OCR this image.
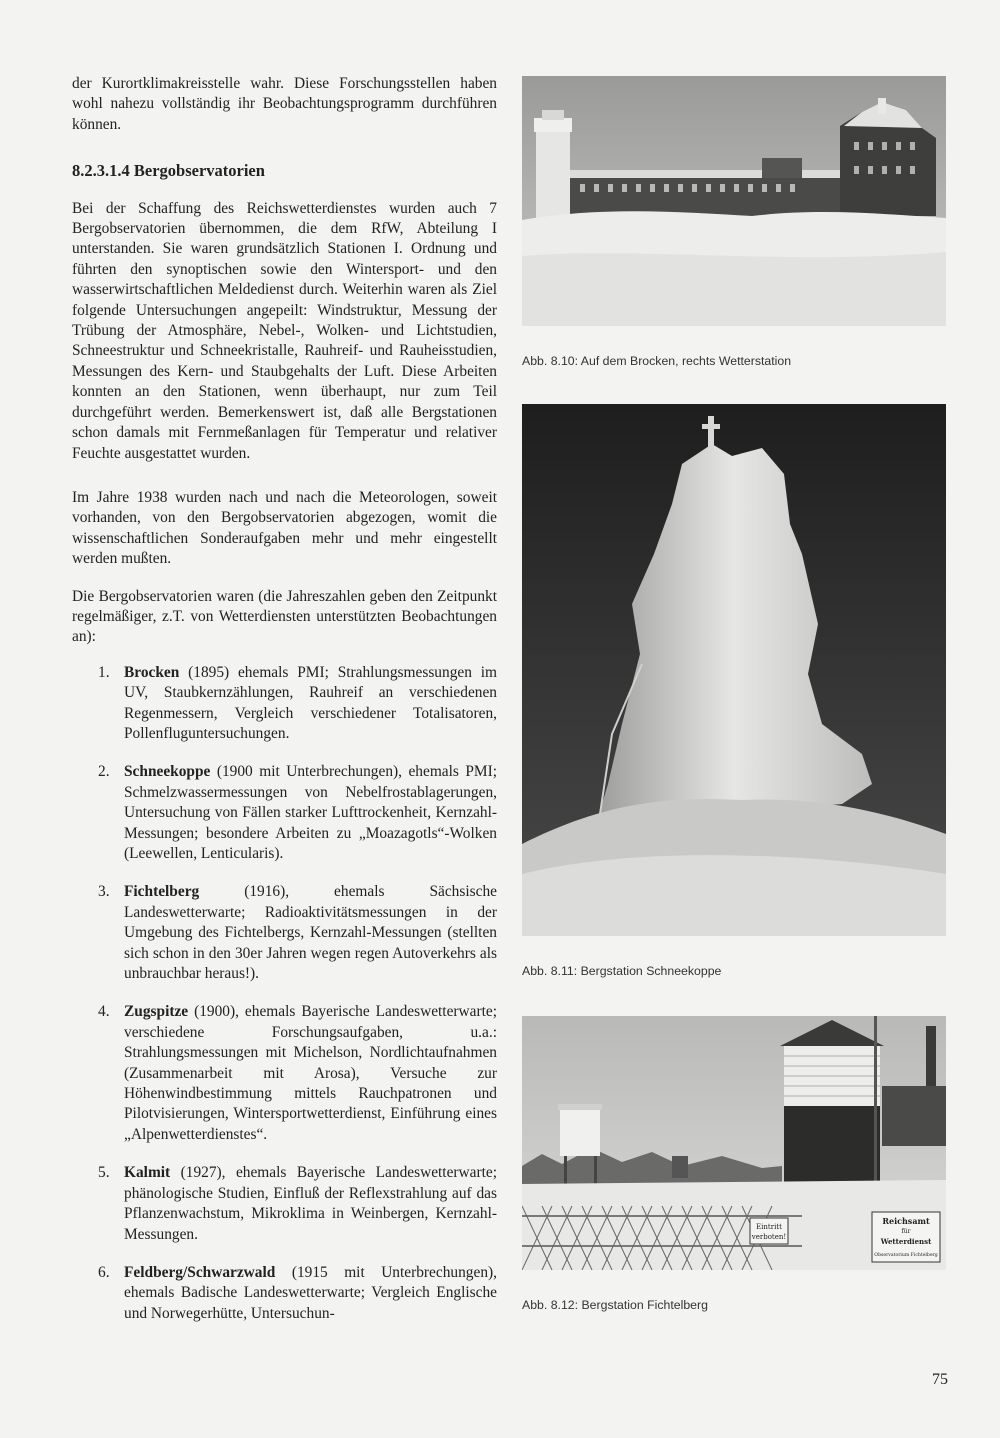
der Kurortklimakreisstelle wahr. Diese Forschungsstellen haben wohl nahezu vollständig ihr Beobachtungsprogramm durchführen können.

8.2.3.1.4 Bergobservatorien

Bei der Schaffung des Reichswetterdienstes wurden auch 7 Bergobservatorien übernommen, die dem RfW, Abteilung I unterstanden. Sie waren grundsätzlich Stationen I. Ordnung und führten den synoptischen sowie den Wintersport- und den wasserwirtschaftlichen Meldedienst durch. Weiterhin waren als Ziel folgende Untersuchungen angepeilt: Windstruktur, Messung der Trübung der Atmosphäre, Nebel-, Wolken- und Lichtstudien, Schneestruktur und Schneekristalle, Rauhreif- und Rauheisstudien, Messungen des Kern- und Staubgehalts der Luft. Diese Arbeiten konnten an den Stationen, wenn überhaupt, nur zum Teil durchgeführt werden. Bemerkenswert ist, daß alle Bergstationen schon damals mit Fernmeßanlagen für Temperatur und relativer Feuchte ausgestattet wurden.

Im Jahre 1938 wurden nach und nach die Meteorologen, soweit vorhanden, von den Bergobservatorien abgezogen, womit die wissenschaftlichen Sonderaufgaben mehr und mehr eingestellt werden mußten.

Die Bergobservatorien waren (die Jahreszahlen geben den Zeitpunkt regelmäßiger, z.T. von Wetterdiensten unterstützten Beobachtungen an):

1. Brocken (1895) ehemals PMI; Strahlungsmessungen im UV, Staubkernzählungen, Rauhreif an verschiedenen Regenmessern, Vergleich verschiedener Totalisatoren, Pollenfluguntersuchungen.
2. Schneekoppe (1900 mit Unterbrechungen), ehemals PMI; Schmelzwassermessungen von Nebelfrostablagerungen, Untersuchung von Fällen starker Lufttrockenheit, Kernzahl-Messungen; besondere Arbeiten zu „Moazagotls“-Wolken (Leewellen, Lenticularis).
3. Fichtelberg (1916), ehemals Sächsische Landeswetterwarte; Radioaktivitätsmessungen in der Umgebung des Fichtelbergs, Kernzahl-Messungen (stellten sich schon in den 30er Jahren wegen regen Autoverkehrs als unbrauchbar heraus!).
4. Zugspitze (1900), ehemals Bayerische Landeswetterwarte; verschiedene Forschungsaufgaben, u.a.: Strahlungsmessungen mit Michelson, Nordlichtaufnahmen (Zusammenarbeit mit Arosa), Versuche zur Höhenwindbestimmung mittels Rauchpatronen und Pilotvisierungen, Wintersportwetterdienst, Einführung eines „Alpenwetterdienstes“.
5. Kalmit (1927), ehemals Bayerische Landeswetterwarte; phänologische Studien, Einfluß der Reflexstrahlung auf das Pflanzenwachstum, Mikroklima in Weinbergen, Kernzahl-Messungen.
6. Feldberg/Schwarzwald (1915 mit Unterbrechungen), ehemals Badische Landeswetterwarte; Vergleich Englische und Norwegerhütte, Untersuchun-
Abb. 8.10: Auf dem Brocken, rechts Wetterstation
Abb. 8.11: Bergstation Schneekoppe
Eintritt
verboten!
Reichsamt
für
Wetterdienst
Observatorium Fichtelberg
Abb. 8.12: Bergstation Fichtelberg
75
